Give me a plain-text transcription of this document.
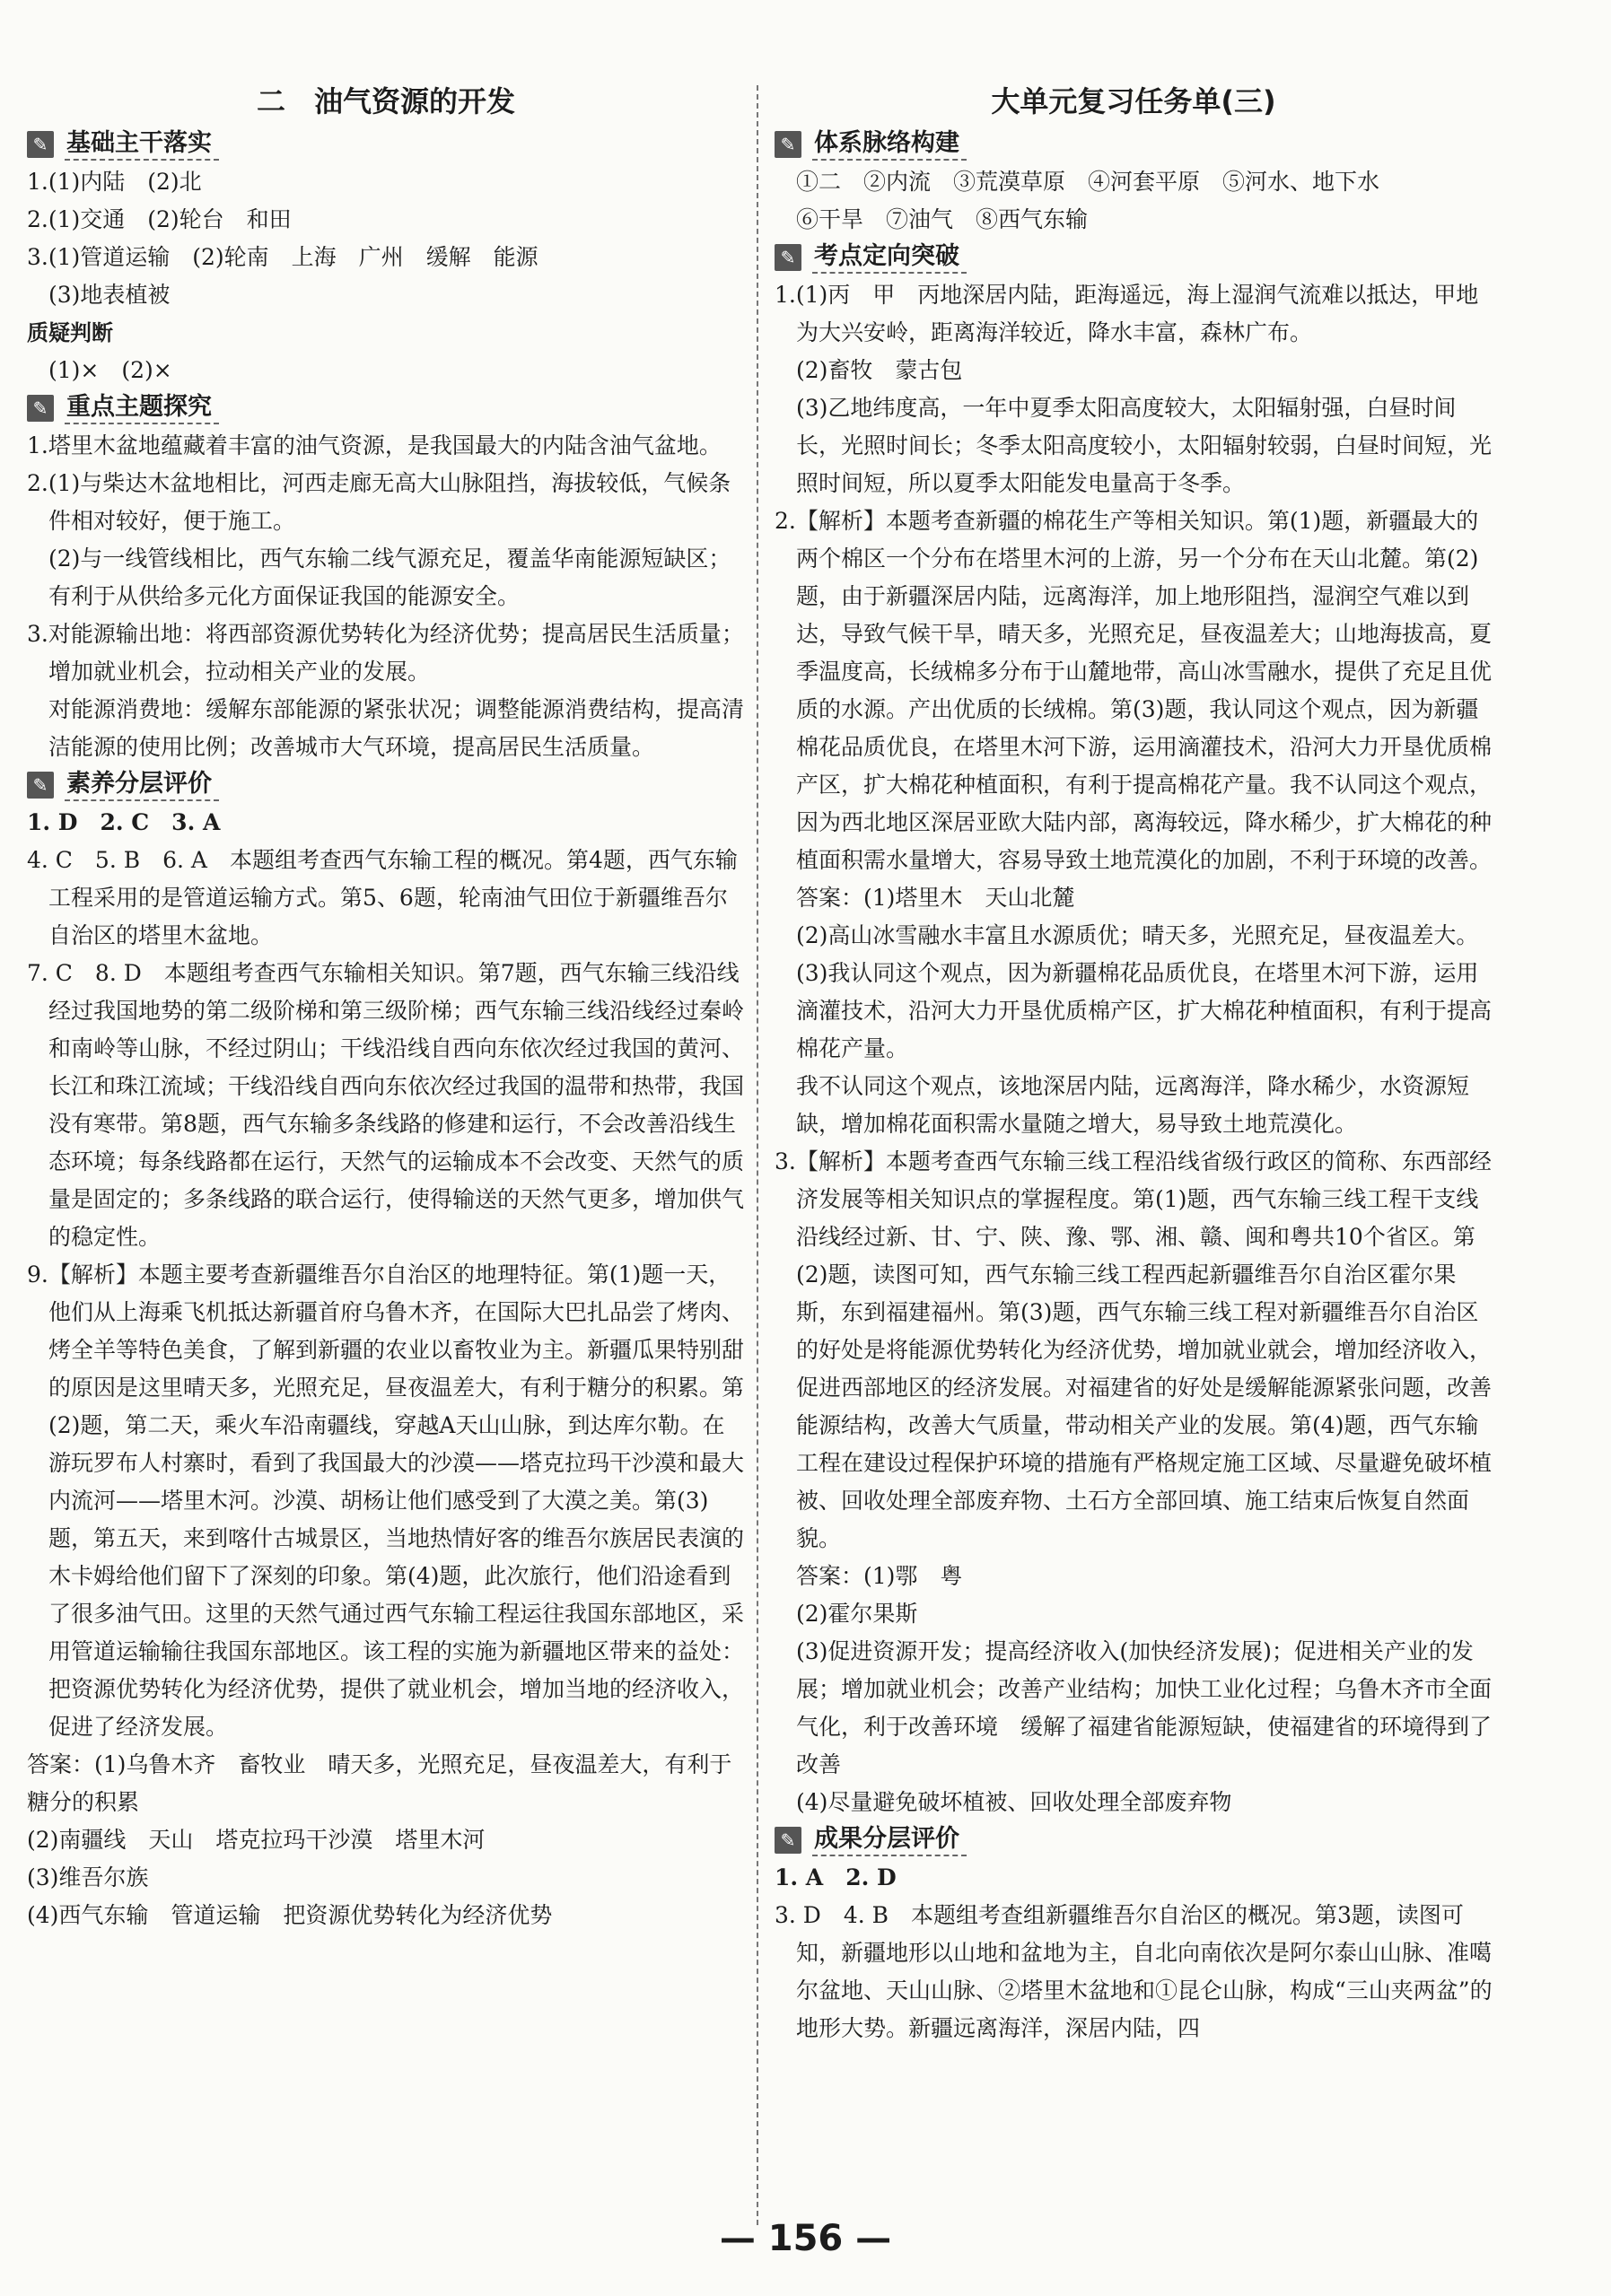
二　油气资源的开发
✎ 基础主干落实

1.(1)内陆　(2)北

2.(1)交通　(2)轮台　和田

3.(1)管道运输　(2)轮南　上海　广州　缓解　能源

(3)地表植被

质疑判断

(1)×　(2)×

✎ 重点主题探究

1.塔里木盆地蕴藏着丰富的油气资源，是我国最大的内陆含油气盆地。

2.(1)与柴达木盆地相比，河西走廊无高大山脉阻挡，海拔较低，气候条件相对较好，便于施工。

(2)与一线管线相比，西气东输二线气源充足，覆盖华南能源短缺区；有利于从供给多元化方面保证我国的能源安全。

3.对能源输出地：将西部资源优势转化为经济优势；提高居民生活质量；增加就业机会，拉动相关产业的发展。

对能源消费地：缓解东部能源的紧张状况；调整能源消费结构，提高清洁能源的使用比例；改善城市大气环境，提高居民生活质量。

✎ 素养分层评价

1. D　2. C　3. A

4. C　5. B　6. A　本题组考查西气东输工程的概况。第4题，西气东输工程采用的是管道运输方式。第5、6题，轮南油气田位于新疆维吾尔自治区的塔里木盆地。

7. C　8. D　本题组考查西气东输相关知识。第7题，西气东输三线沿线经过我国地势的第二级阶梯和第三级阶梯；西气东输三线沿线经过秦岭和南岭等山脉，不经过阴山；干线沿线自西向东依次经过我国的黄河、长江和珠江流域；干线沿线自西向东依次经过我国的温带和热带，我国没有寒带。第8题，西气东输多条线路的修建和运行，不会改善沿线生态环境；每条线路都在运行，天然气的运输成本不会改变、天然气的质量是固定的；多条线路的联合运行，使得输送的天然气更多，增加供气的稳定性。

9.【解析】本题主要考查新疆维吾尔自治区的地理特征。第(1)题一天，他们从上海乘飞机抵达新疆首府乌鲁木齐，在国际大巴扎品尝了烤肉、烤全羊等特色美食，了解到新疆的农业以畜牧业为主。新疆瓜果特别甜的原因是这里晴天多，光照充足，昼夜温差大，有利于糖分的积累。第(2)题，第二天，乘火车沿南疆线，穿越A天山山脉，到达库尔勒。在游玩罗布人村寨时，看到了我国最大的沙漠——塔克拉玛干沙漠和最大内流河——塔里木河。沙漠、胡杨让他们感受到了大漠之美。第(3)题，第五天，来到喀什古城景区，当地热情好客的维吾尔族居民表演的木卡姆给他们留下了深刻的印象。第(4)题，此次旅行，他们沿途看到了很多油气田。这里的天然气通过西气东输工程运往我国东部地区，采用管道运输输往我国东部地区。该工程的实施为新疆地区带来的益处：把资源优势转化为经济优势，提供了就业机会，增加当地的经济收入，促进了经济发展。

答案：(1)乌鲁木齐　畜牧业　晴天多，光照充足，昼夜温差大，有利于糖分的积累

(2)南疆线　天山　塔克拉玛干沙漠　塔里木河

(3)维吾尔族

(4)西气东输　管道运输　把资源优势转化为经济优势

大单元复习任务单(三)
✎ 体系脉络构建

①二　②内流　③荒漠草原　④河套平原　⑤河水、地下水

⑥干旱　⑦油气　⑧西气东输

✎ 考点定向突破

1.(1)丙　甲　丙地深居内陆，距海遥远，海上湿润气流难以抵达，甲地为大兴安岭，距离海洋较近，降水丰富，森林广布。

(2)畜牧　蒙古包

(3)乙地纬度高，一年中夏季太阳高度较大，太阳辐射强，白昼时间长，光照时间长；冬季太阳高度较小，太阳辐射较弱，白昼时间短，光照时间短，所以夏季太阳能发电量高于冬季。

2.【解析】本题考查新疆的棉花生产等相关知识。第(1)题，新疆最大的两个棉区一个分布在塔里木河的上游，另一个分布在天山北麓。第(2)题，由于新疆深居内陆，远离海洋，加上地形阻挡，湿润空气难以到达，导致气候干旱，晴天多，光照充足，昼夜温差大；山地海拔高，夏季温度高，长绒棉多分布于山麓地带，高山冰雪融水，提供了充足且优质的水源。产出优质的长绒棉。第(3)题，我认同这个观点，因为新疆棉花品质优良，在塔里木河下游，运用滴灌技术，沿河大力开垦优质棉产区，扩大棉花种植面积，有利于提高棉花产量。我不认同这个观点，因为西北地区深居亚欧大陆内部，离海较远，降水稀少，扩大棉花的种植面积需水量增大，容易导致土地荒漠化的加剧，不利于环境的改善。

答案：(1)塔里木　天山北麓

(2)高山冰雪融水丰富且水源质优；晴天多，光照充足，昼夜温差大。

(3)我认同这个观点，因为新疆棉花品质优良，在塔里木河下游，运用滴灌技术，沿河大力开垦优质棉产区，扩大棉花种植面积，有利于提高棉花产量。

我不认同这个观点，该地深居内陆，远离海洋，降水稀少，水资源短缺，增加棉花面积需水量随之增大，易导致土地荒漠化。

3.【解析】本题考查西气东输三线工程沿线省级行政区的简称、东西部经济发展等相关知识点的掌握程度。第(1)题，西气东输三线工程干支线沿线经过新、甘、宁、陕、豫、鄂、湘、赣、闽和粤共10个省区。第(2)题，读图可知，西气东输三线工程西起新疆维吾尔自治区霍尔果斯，东到福建福州。第(3)题，西气东输三线工程对新疆维吾尔自治区的好处是将能源优势转化为经济优势，增加就业就会，增加经济收入，促进西部地区的经济发展。对福建省的好处是缓解能源紧张问题，改善能源结构，改善大气质量，带动相关产业的发展。第(4)题，西气东输工程在建设过程保护环境的措施有严格规定施工区域、尽量避免破坏植被、回收处理全部废弃物、土石方全部回填、施工结束后恢复自然面貌。

答案：(1)鄂　粤

(2)霍尔果斯

(3)促进资源开发；提高经济收入(加快经济发展)；促进相关产业的发展；增加就业机会；改善产业结构；加快工业化过程；乌鲁木齐市全面气化，利于改善环境　缓解了福建省能源短缺，使福建省的环境得到了改善

(4)尽量避免破坏植被、回收处理全部废弃物

✎ 成果分层评价

1. A　2. D

3. D　4. B　本题组考查组新疆维吾尔自治区的概况。第3题，读图可知，新疆地形以山地和盆地为主，自北向南依次是阿尔泰山山脉、准噶尔盆地、天山山脉、②塔里木盆地和①昆仑山脉，构成“三山夹两盆”的地形大势。新疆远离海洋，深居内陆，四

— 156 —
